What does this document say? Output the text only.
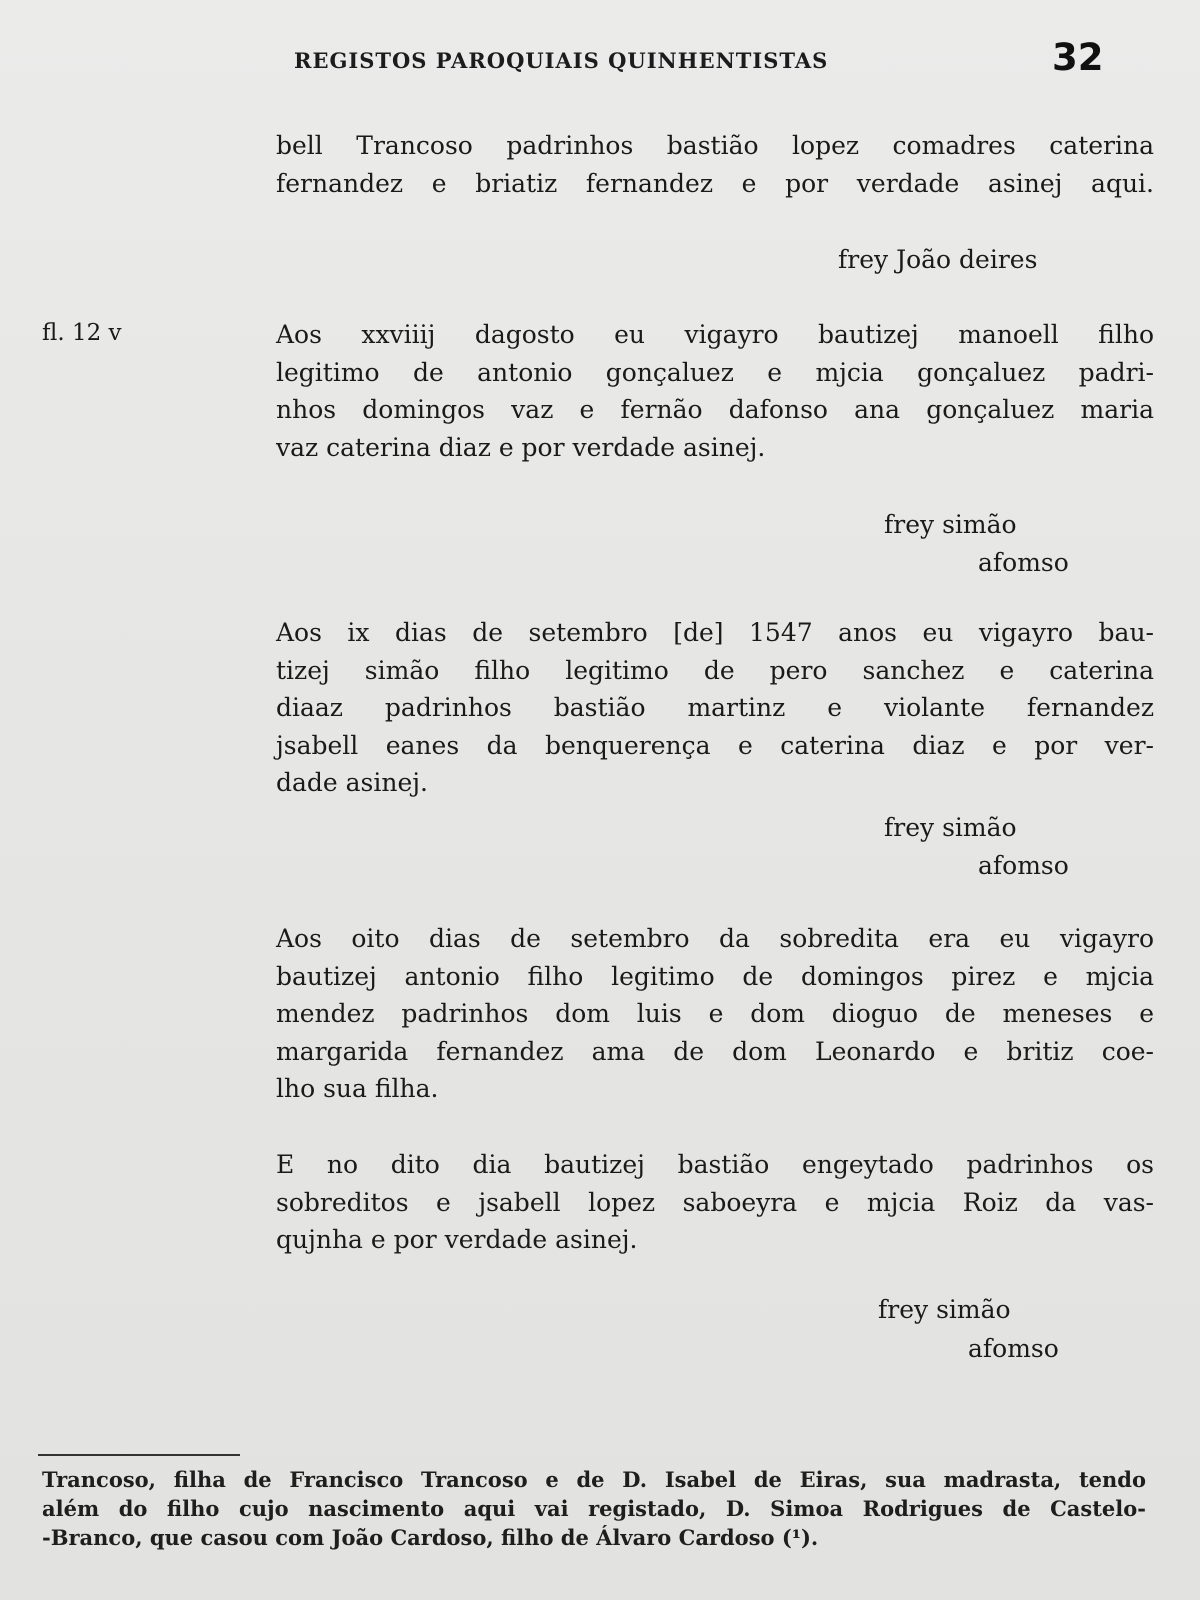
REGISTOS PAROQUIAIS QUINHENTISTAS	32
fl. 12 v
bell Trancoso padrinhos bastião lopez comadres caterina
fernandez e briatiz fernandez e por verdade asinej aqui.
frey João deires
Aos xxviiij dagosto eu vigayro bautizej manoell filho
legitimo de antonio gonçaluez e mjcia gonçaluez padri-
nhos domingos vaz e fernão dafonso ana gonçaluez maria
vaz caterina diaz e por verdade asinej.
frey simão
afomso
Aos ix dias de setembro [de] 1547 anos eu vigayro bau-
tizej simão filho legitimo de pero sanchez e caterina
diaaz padrinhos bastião martinz e violante fernandez
jsabell eanes da benquerença e caterina diaz e por ver-
dade asinej.
frey simão
afomso
Aos oito dias de setembro da sobredita era eu vigayro
bautizej antonio filho legitimo de domingos pirez e mjcia
mendez padrinhos dom luis e dom dioguo de meneses e
margarida fernandez ama de dom Leonardo e britiz coe-
lho sua filha.
E no dito dia bautizej bastião engeytado padrinhos os
sobreditos e jsabell lopez saboeyra e mjcia Roiz da vas-
qujnha e por verdade asinej.
frey simão
afomso
Trancoso, filha de Francisco Trancoso e de D. Isabel de Eiras, sua madrasta, tendo
além do filho cujo nascimento aqui vai registado, D. Simoa Rodrigues de Castelo-
-Branco, que casou com João Cardoso, filho de Álvaro Cardoso (¹).
